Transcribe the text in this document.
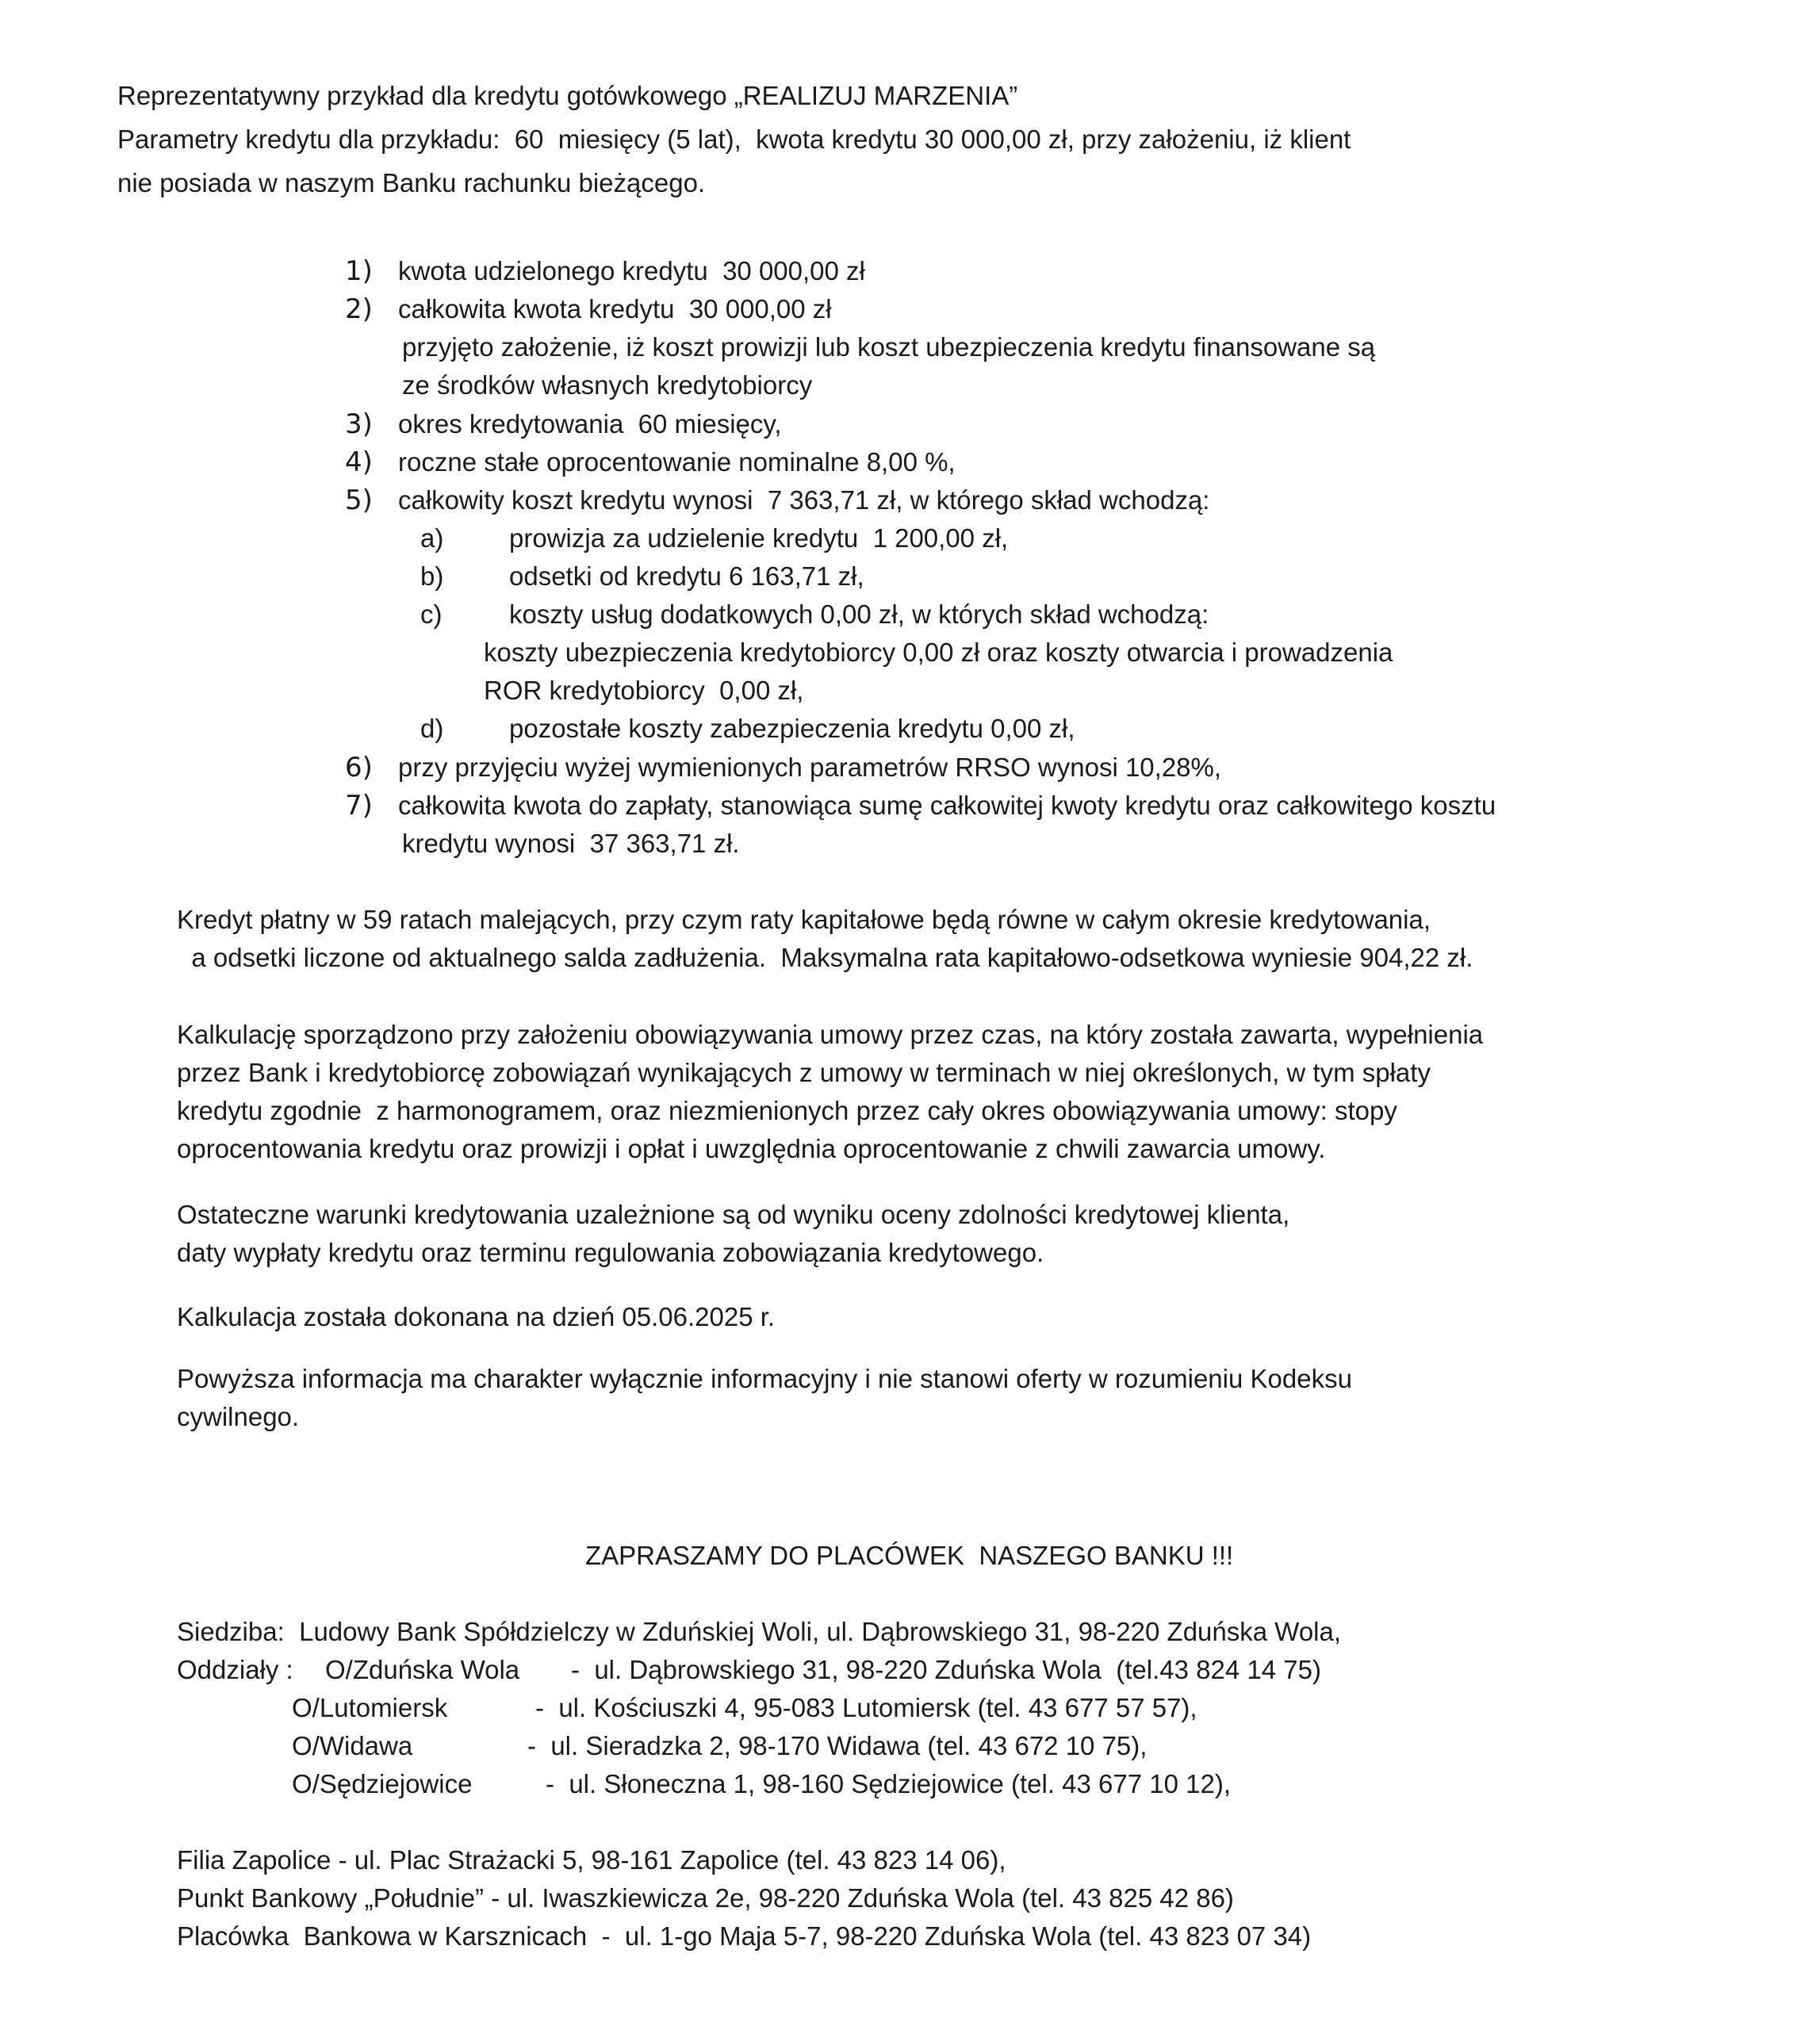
Reprezentatywny przykład dla kredytu gotówkowego „REALIZUJ MARZENIA”
Parametry kredytu dla przykładu:  60  miesięcy (5 lat),  kwota kredytu 30 000,00 zł, przy założeniu, iż klient
nie posiada w naszym Banku rachunku bieżącego.
1) kwota udzielonego kredytu  30 000,00 zł
2) całkowita kwota kredytu  30 000,00 zł
przyjęto założenie, iż koszt prowizji lub koszt ubezpieczenia kredytu finansowane są
ze środków własnych kredytobiorcy
3) okres kredytowania  60 miesięcy,
4) roczne stałe oprocentowanie nominalne 8,00 %,
5) całkowity koszt kredytu wynosi  7 363,71 zł, w którego skład wchodzą:
a)	prowizja za udzielenie kredytu  1 200,00 zł,
b)	odsetki od kredytu 6 163,71 zł,
c)	koszty usług dodatkowych 0,00 zł, w których skład wchodzą:
koszty ubezpieczenia kredytobiorcy 0,00 zł oraz koszty otwarcia i prowadzenia
ROR kredytobiorcy  0,00 zł,
d)	pozostałe koszty zabezpieczenia kredytu 0,00 zł,
6) przy przyjęciu wyżej wymienionych parametrów RRSO wynosi 10,28%,
7) całkowita kwota do zapłaty, stanowiąca sumę całkowitej kwoty kredytu oraz całkowitego kosztu
kredytu wynosi  37 363,71 zł.
Kredyt płatny w 59 ratach malejących, przy czym raty kapitałowe będą równe w całym okresie kredytowania,
a odsetki liczone od aktualnego salda zadłużenia.  Maksymalna rata kapitałowo-odsetkowa wyniesie 904,22 zł.
Kalkulację sporządzono przy założeniu obowiązywania umowy przez czas, na który została zawarta, wypełnienia
przez Bank i kredytobiorcę zobowiązań wynikających z umowy w terminach w niej określonych, w tym spłaty
kredytu zgodnie  z harmonogramem, oraz niezmienionych przez cały okres obowiązywania umowy: stopy
oprocentowania kredytu oraz prowizji i opłat i uwzględnia oprocentowanie z chwili zawarcia umowy.
Ostateczne warunki kredytowania uzależnione są od wyniku oceny zdolności kredytowej klienta,
daty wypłaty kredytu oraz terminu regulowania zobowiązania kredytowego.
Kalkulacja została dokonana na dzień 05.06.2025 r.
Powyższa informacja ma charakter wyłącznie informacyjny i nie stanowi oferty w rozumieniu Kodeksu
cywilnego.
ZAPRASZAMY DO PLACÓWEK  NASZEGO BANKU !!!
Siedziba:  Ludowy Bank Spółdzielczy w Zduńskiej Woli, ul. Dąbrowskiego 31, 98-220 Zduńska Wola,
Oddziały : O/Zduńska Wola -  ul. Dąbrowskiego 31, 98-220 Zduńska Wola  (tel.43 824 14 75)
O/Lutomiersk	-  ul. Kościuszki 4, 95-083 Lutomiersk (tel. 43 677 57 57),
O/Widawa	-  ul. Sieradzka 2, 98-170 Widawa (tel. 43 672 10 75),
O/Sędziejowice	-  ul. Słoneczna 1, 98-160 Sędziejowice (tel. 43 677 10 12),
Filia Zapolice - ul. Plac Strażacki 5, 98-161 Zapolice (tel. 43 823 14 06),
Punkt Bankowy „Południe” - ul. Iwaszkiewicza 2e, 98-220 Zduńska Wola (tel. 43 825 42 86)
Placówka  Bankowa w Karsznicach  -  ul. 1-go Maja 5-7, 98-220 Zduńska Wola (tel. 43 823 07 34)
